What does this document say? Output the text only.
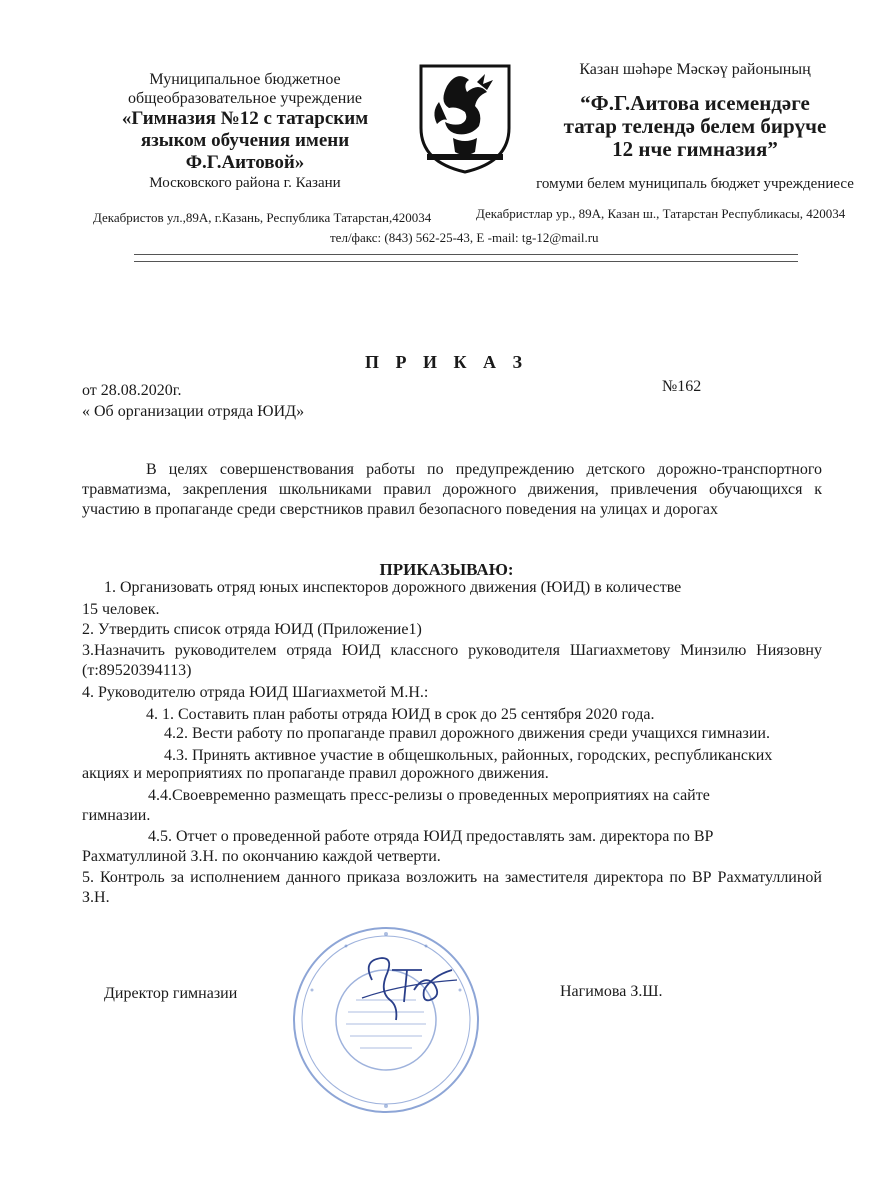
Муниципальное бюджетное
общеобразовательное учреждение
«Гимназия №12 с татарским
языком обучения имени
Ф.Г.Аитовой»
Московского района г. Казани
Казан шәһәре Мәскәү районының
“Ф.Г.Аитова исемендәге
татар телендә белем бирүче
12 нче гимназия”
гомуми белем муниципаль бюджет учреждениесе
Декабристов ул.,89А, г.Казань, Республика Татарстан,420034	Декабристлар ур., 89А, Казан ш., Татарстан Республикасы, 420034
тел/факс: (843) 562-25-43, E -mail: tg-12@mail.ru
П Р И К А З
от 28.08.2020г.	№162
« Об организации отряда ЮИД»
В целях совершенствования работы по предупреждению детского дорожно-транспортного травматизма, закрепления школьниками правил дорожного движения, привлечения обучающихся к участию в пропаганде среди сверстников правил безопасного поведения на улицах и дорогах
ПРИКАЗЫВАЮ:
1. Организовать отряд юных инспекторов дорожного движения (ЮИД) в количестве
15 человек.
2. Утвердить список отряда ЮИД (Приложение1)
3.Назначить руководителем отряда ЮИД классного руководителя Шагиахметову Минзилю Ниязовну (т:89520394113)
4. Руководителю отряда ЮИД Шагиахметой М.Н.:
4. 1. Составить план работы отряда ЮИД в срок до 25 сентября 2020 года.
4.2. Вести работу по пропаганде правил дорожного движения среди учащихся гимназии.
4.3. Принять активное участие в общешкольных, районных, городских, республиканских
акциях и мероприятиях по пропаганде правил дорожного движения.
4.4.Своевременно размещать пресс-релизы о проведенных мероприятиях на сайте
гимназии.
4.5. Отчет о проведенной работе отряда ЮИД предоставлять зам. директора по ВР
Рахматуллиной З.Н. по окончанию каждой четверти.
5. Контроль за исполнением данного приказа возложить на заместителя директора по ВР Рахматуллиной З.Н.
Директор гимназии	Нагимова З.Ш.
